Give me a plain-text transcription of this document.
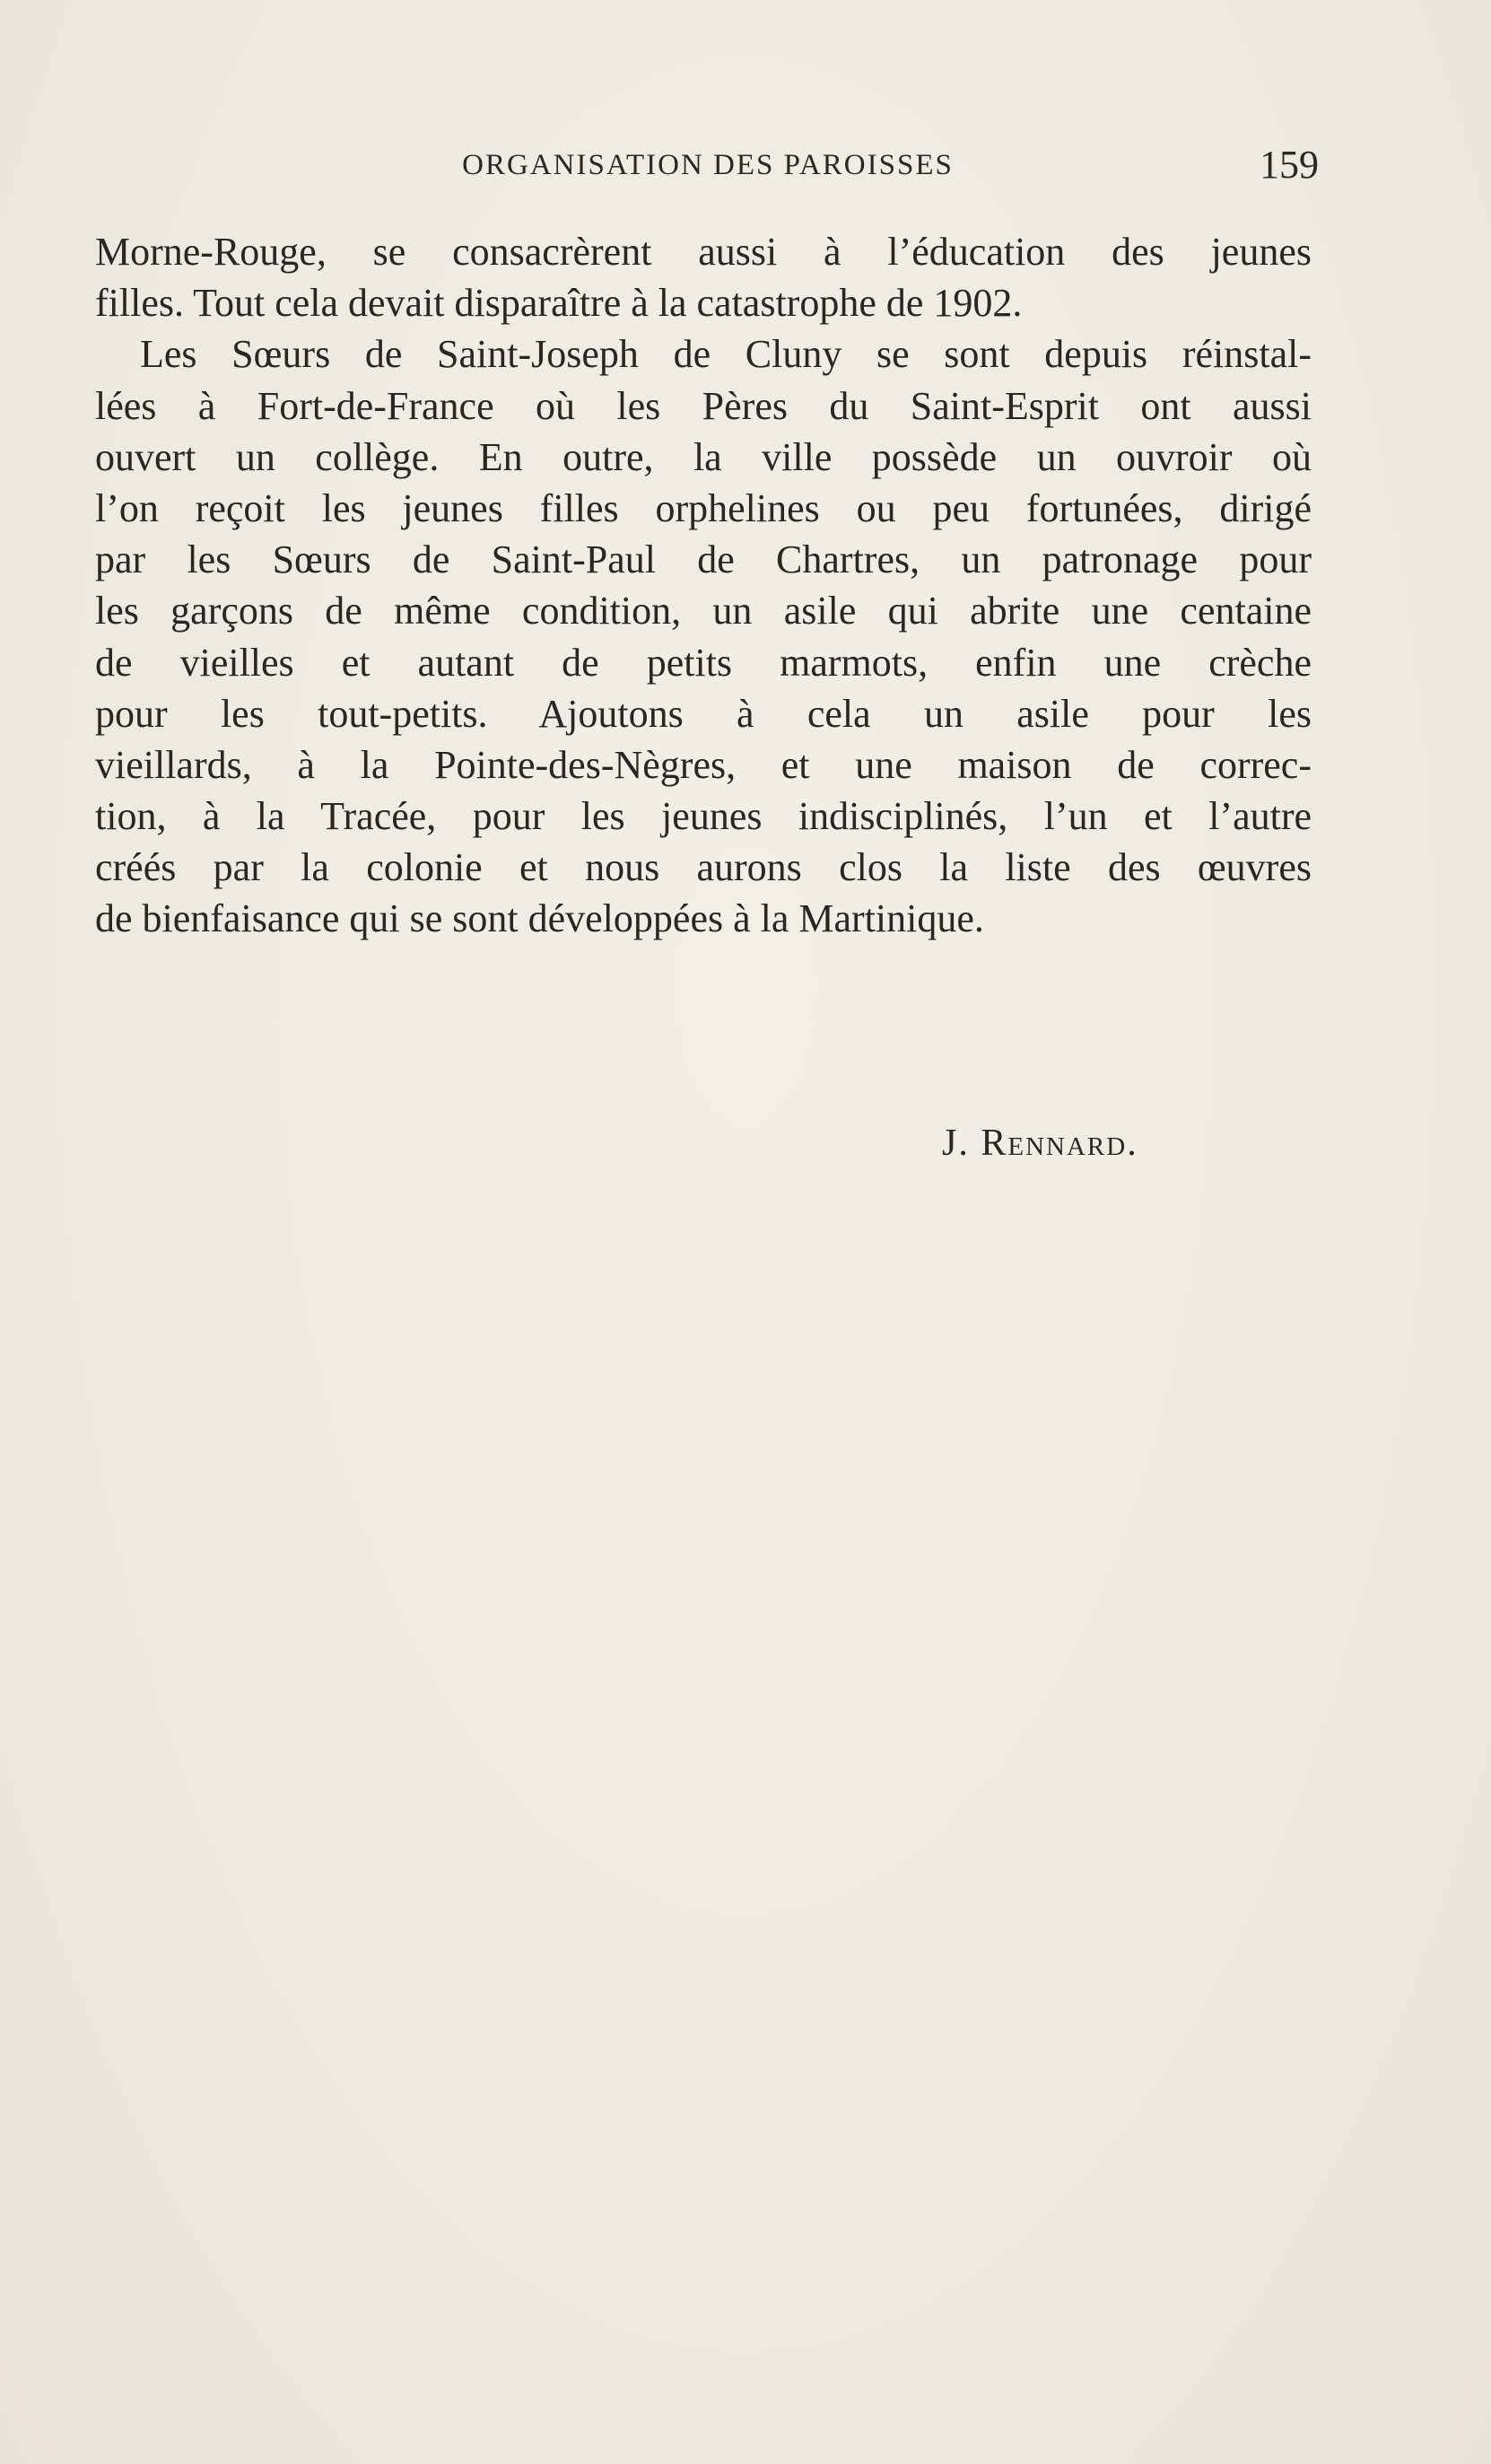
ORGANISATION DES PAROISSES	159
Morne-Rouge, se consacrèrent aussi à l’éducation des jeunes
filles. Tout cela devait disparaître à la catastrophe de 1902.
Les Sœurs de Saint-Joseph de Cluny se sont depuis réinstal-
lées à Fort-de-France où les Pères du Saint-Esprit ont aussi
ouvert un collège. En outre, la ville possède un ouvroir où
l’on reçoit les jeunes filles orphelines ou peu fortunées, dirigé
par les Sœurs de Saint-Paul de Chartres, un patronage pour
les garçons de même condition, un asile qui abrite une centaine
de vieilles et autant de petits marmots, enfin une crèche
pour les tout-petits. Ajoutons à cela un asile pour les
vieillards, à la Pointe-des-Nègres, et une maison de correc-
tion, à la Tracée, pour les jeunes indisciplinés, l’un et l’autre
créés par la colonie et nous aurons clos la liste des œuvres
de bienfaisance qui se sont développées à la Martinique.
J. Rennard.
